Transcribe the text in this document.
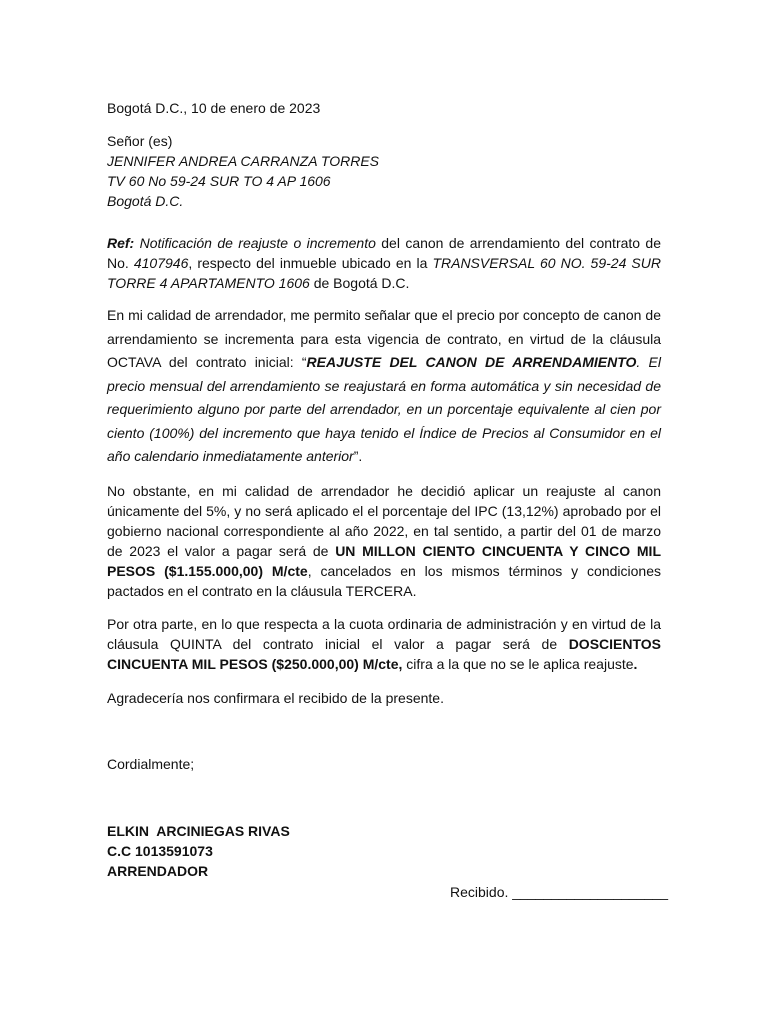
Bogotá D.C., 10 de enero de 2023

Señor (es)
JENNIFER ANDREA CARRANZA TORRES
TV 60 No 59-24 SUR TO 4 AP 1606
Bogotá D.C.

Ref: Notificación de reajuste o incremento del canon de arrendamiento del contrato de No. 4107946, respecto del inmueble ubicado en la TRANSVERSAL 60 NO. 59-24 SUR TORRE 4 APARTAMENTO 1606 de Bogotá D.C.

En mi calidad de arrendador, me permito señalar que el precio por concepto de canon de arrendamiento se incrementa para esta vigencia de contrato, en virtud de la cláusula OCTAVA del contrato inicial: “REAJUSTE DEL CANON DE ARRENDAMIENTO. El precio mensual del arrendamiento se reajustará en forma automática y sin necesidad de requerimiento alguno por parte del arrendador, en un porcentaje equivalente al cien por ciento (100%) del incremento que haya tenido el Índice de Precios al Consumidor en el año calendario inmediatamente anterior”.

No obstante, en mi calidad de arrendador he decidió aplicar un reajuste al canon únicamente del 5%, y no será aplicado el el porcentaje del IPC (13,12%) aprobado por el gobierno nacional correspondiente al año 2022, en tal sentido, a partir del 01 de marzo de 2023 el valor a pagar será de UN MILLON CIENTO CINCUENTA Y CINCO MIL PESOS ($1.155.000,00) M/cte, cancelados en los mismos términos y condiciones pactados en el contrato en la cláusula TERCERA.

Por otra parte, en lo que respecta a la cuota ordinaria de administración y en virtud de la cláusula QUINTA del contrato inicial el valor a pagar será de DOSCIENTOS CINCUENTA MIL PESOS ($250.000,00) M/cte, cifra a la que no se le aplica reajuste.

Agradecería nos confirmara el recibido de la presente.

Cordialmente;

ELKIN  ARCINIEGAS RIVAS
C.C 1013591073
ARRENDADOR
Recibido. ____________________
